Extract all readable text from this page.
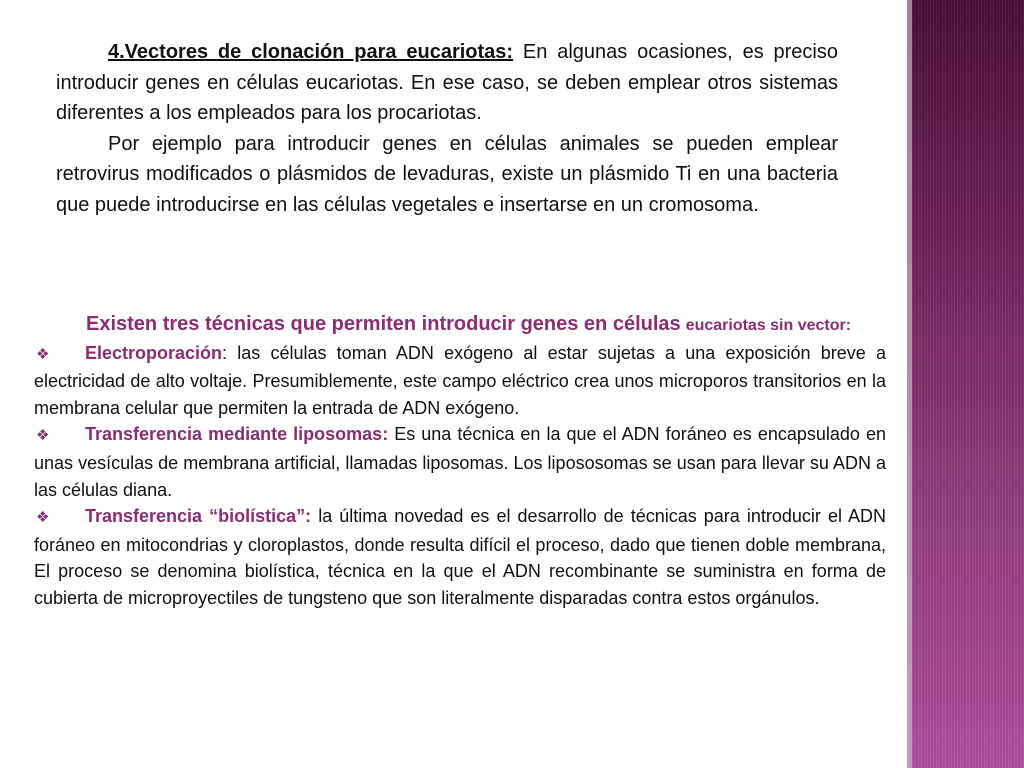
4.Vectores de clonación para eucariotas: En algunas ocasiones, es preciso introducir genes en células eucariotas. En ese caso, se deben emplear otros sistemas diferentes a los empleados para los procariotas.

Por ejemplo para introducir genes en células animales se pueden emplear retrovirus modificados o plásmidos de levaduras, existe un plásmido Ti en una bacteria que puede introducirse en las células vegetales e insertarse en un cromosoma.

Existen tres técnicas que permiten introducir genes en células eucariotas sin vector:

❖ Electroporación: las células toman ADN exógeno al estar sujetas a una exposición breve a electricidad de alto voltaje. Presumiblemente, este campo eléctrico crea unos microporos transitorios en la membrana celular que permiten la entrada de ADN exógeno.

❖ Transferencia mediante liposomas: Es una técnica en la que el ADN foráneo es encapsulado en unas vesículas de membrana artificial, llamadas liposomas. Los lipososomas se usan para llevar su ADN a las células diana.

❖ Transferencia “biolística”: la última novedad es el desarrollo de técnicas para introducir el ADN foráneo en mitocondrias y cloroplastos, donde resulta difícil el proceso, dado que tienen doble membrana, El proceso se denomina biolística, técnica en la que el ADN recombinante se suministra en forma de cubierta de microproyectiles de tungsteno que son literalmente disparadas contra estos orgánulos.
